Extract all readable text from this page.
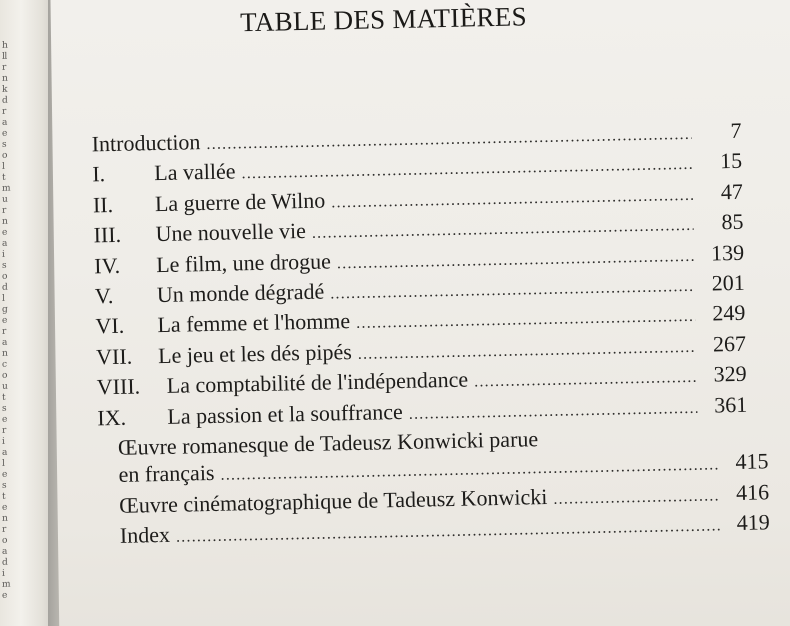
h
ll
r
n
k
d
r
a
e
s
o
l
t
m
u
r
n
e
a
i
s
o
d
l
g
e
r
a
n
c
o
u
t
s
e
r
i
a
l
e
s
t
e
n
r
o
a
d
i
m
e

TABLE DES MATIÈRES
Introduction .....	7
I.	La vallée .....	15
II.	La guerre de Wilno .....	47
III.	Une nouvelle vie .....	85
IV.	Le film, une drogue .....	139
V.	Un monde dégradé .....	201
VI.	La femme et l'homme .....	249
VII.	Le jeu et les dés pipés .....	267
VIII.	La comptabilité de l'indépendance .....	329
IX.	La passion et la souffrance .....	361
Œuvre romanesque de Tadeusz Konwicki parue
en français .....	415
Œuvre cinématographique de Tadeusz Konwicki .....	416
Index .....	419
